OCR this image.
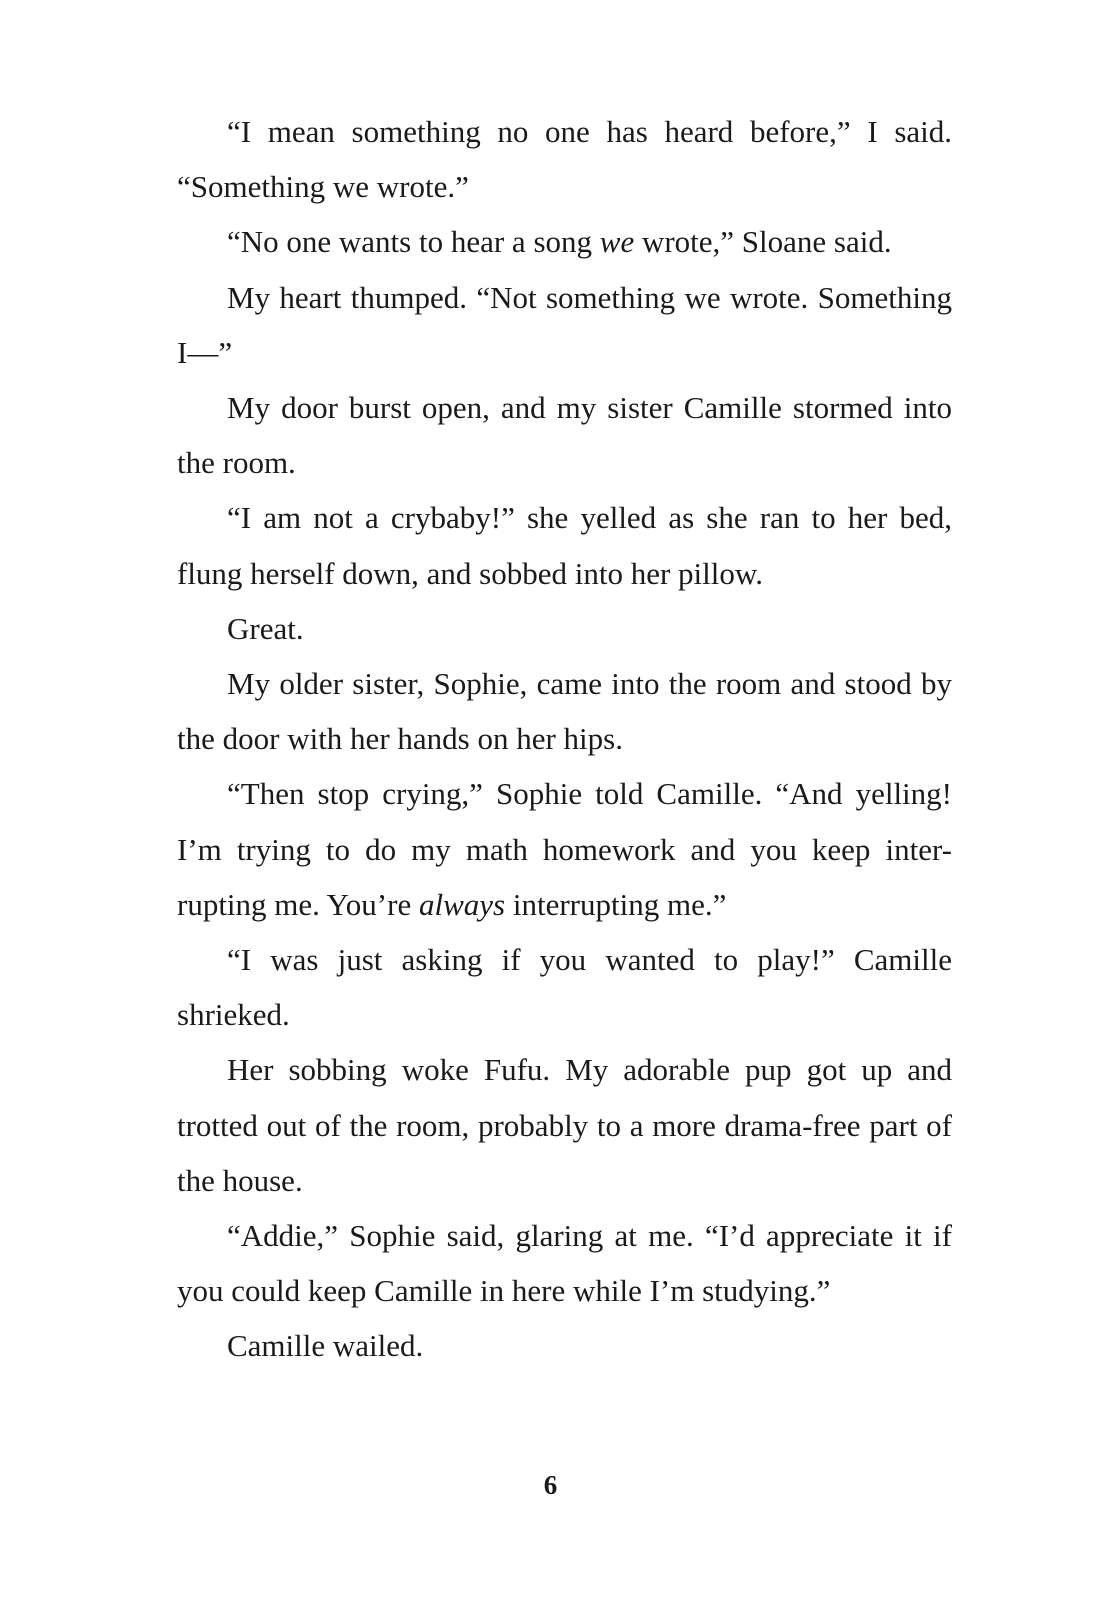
“I mean something no one has heard before,” I said. “Something we wrote.”

“No one wants to hear a song we wrote,” Sloane said.

My heart thumped. “Not something we wrote. Something I—”

My door burst open, and my sister Camille stormed into the room.

“I am not a crybaby!” she yelled as she ran to her bed, flung herself down, and sobbed into her pillow.

Great.

My older sister, Sophie, came into the room and stood by the door with her hands on her hips.

“Then stop crying,” Sophie told Camille. “And yelling! I’m trying to do my math homework and you keep inter-rupting me. You’re always interrupting me.”

“I was just asking if you wanted to play!” Camille shrieked.

Her sobbing woke Fufu. My adorable pup got up and trotted out of the room, probably to a more drama-free part of the house.

“Addie,” Sophie said, glaring at me. “I’d appreciate it if you could keep Camille in here while I’m studying.”

Camille wailed.

6
